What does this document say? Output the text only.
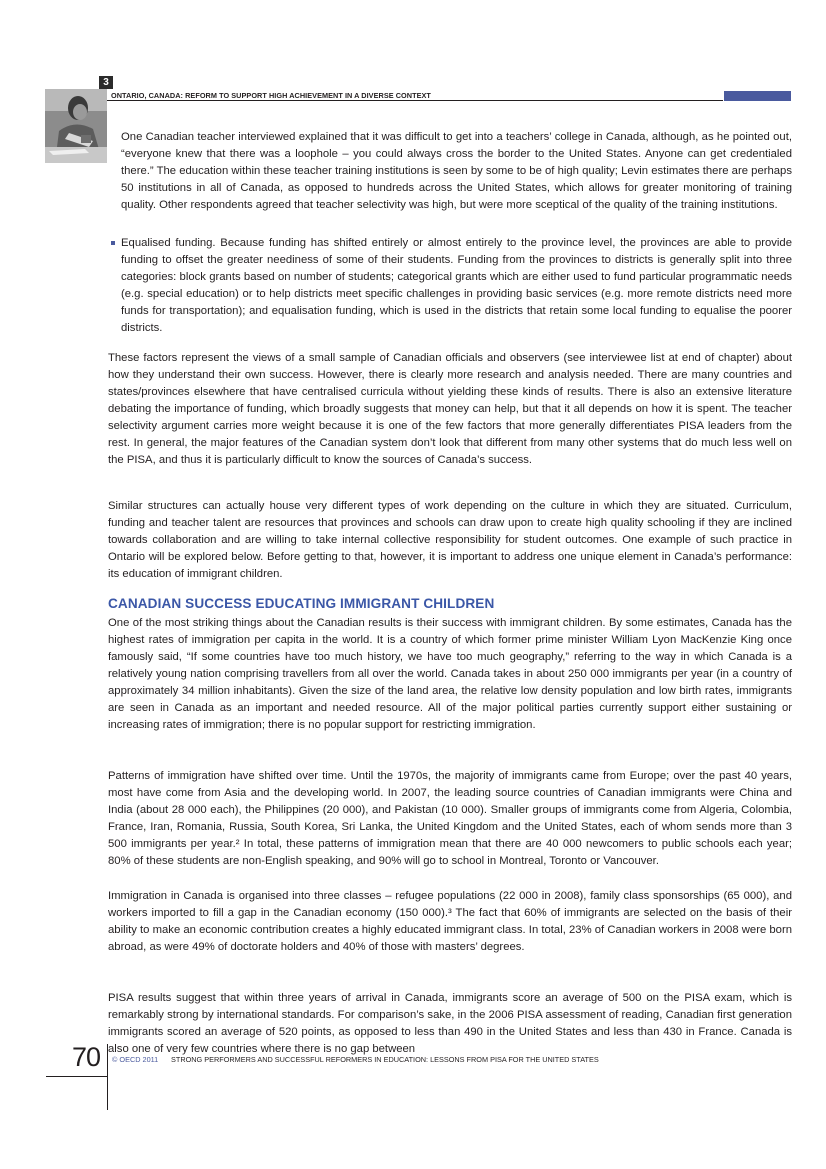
3
ONTARIO, CANADA: REFORM TO SUPPORT HIGH ACHIEVEMENT IN A DIVERSE CONTEXT
One Canadian teacher interviewed explained that it was difficult to get into a teachers’ college in Canada, although, as he pointed out, “everyone knew that there was a loophole – you could always cross the border to the United States. Anyone can get credentialed there.” The education within these teacher training institutions is seen by some to be of high quality; Levin estimates there are perhaps 50 institutions in all of Canada, as opposed to hundreds across the United States, which allows for greater monitoring of training quality. Other respondents agreed that teacher selectivity was high, but were more sceptical of the quality of the training institutions.
Equalised funding. Because funding has shifted entirely or almost entirely to the province level, the provinces are able to provide funding to offset the greater neediness of some of their students. Funding from the provinces to districts is generally split into three categories: block grants based on number of students; categorical grants which are either used to fund particular programmatic needs (e.g. special education) or to help districts meet specific challenges in providing basic services (e.g. more remote districts need more funds for transportation); and equalisation funding, which is used in the districts that retain some local funding to equalise the poorer districts.
These factors represent the views of a small sample of Canadian officials and observers (see interviewee list at end of chapter) about how they understand their own success. However, there is clearly more research and analysis needed. There are many countries and states/provinces elsewhere that have centralised curricula without yielding these kinds of results. There is also an extensive literature debating the importance of funding, which broadly suggests that money can help, but that it all depends on how it is spent. The teacher selectivity argument carries more weight because it is one of the few factors that more generally differentiates PISA leaders from the rest. In general, the major features of the Canadian system don’t look that different from many other systems that do much less well on the PISA, and thus it is particularly difficult to know the sources of Canada’s success.
Similar structures can actually house very different types of work depending on the culture in which they are situated. Curriculum, funding and teacher talent are resources that provinces and schools can draw upon to create high quality schooling if they are inclined towards collaboration and are willing to take internal collective responsibility for student outcomes. One example of such practice in Ontario will be explored below. Before getting to that, however, it is important to address one unique element in Canada’s performance: its education of immigrant children.
CANADIAN SUCCESS EDUCATING IMMIGRANT CHILDREN
One of the most striking things about the Canadian results is their success with immigrant children. By some estimates, Canada has the highest rates of immigration per capita in the world. It is a country of which former prime minister William Lyon MacKenzie King once famously said, “If some countries have too much history, we have too much geography,” referring to the way in which Canada is a relatively young nation comprising travellers from all over the world. Canada takes in about 250 000 immigrants per year (in a country of approximately 34 million inhabitants). Given the size of the land area, the relative low density population and low birth rates, immigrants are seen in Canada as an important and needed resource. All of the major political parties currently support either sustaining or increasing rates of immigration; there is no popular support for restricting immigration.
Patterns of immigration have shifted over time. Until the 1970s, the majority of immigrants came from Europe; over the past 40 years, most have come from Asia and the developing world. In 2007, the leading source countries of Canadian immigrants were China and India (about 28 000 each), the Philippines (20 000), and Pakistan (10 000). Smaller groups of immigrants come from Algeria, Colombia, France, Iran, Romania, Russia, South Korea, Sri Lanka, the United Kingdom and the United States, each of whom sends more than 3 500 immigrants per year.² In total, these patterns of immigration mean that there are 40 000 newcomers to public schools each year; 80% of these students are non-English speaking, and 90% will go to school in Montreal, Toronto or Vancouver.
Immigration in Canada is organised into three classes – refugee populations (22 000 in 2008), family class sponsorships (65 000), and workers imported to fill a gap in the Canadian economy (150 000).³ The fact that 60% of immigrants are selected on the basis of their ability to make an economic contribution creates a highly educated immigrant class. In total, 23% of Canadian workers in 2008 were born abroad, as were 49% of doctorate holders and 40% of those with masters’ degrees.
PISA results suggest that within three years of arrival in Canada, immigrants score an average of 500 on the PISA exam, which is remarkably strong by international standards. For comparison’s sake, in the 2006 PISA assessment of reading, Canadian first generation immigrants scored an average of 520 points, as opposed to less than 490 in the United States and less than 430 in France. Canada is also one of very few countries where there is no gap between
70 © OECD 2011 STRONG PERFORMERS AND SUCCESSFUL REFORMERS IN EDUCATION: LESSONS FROM PISA FOR THE UNITED STATES
